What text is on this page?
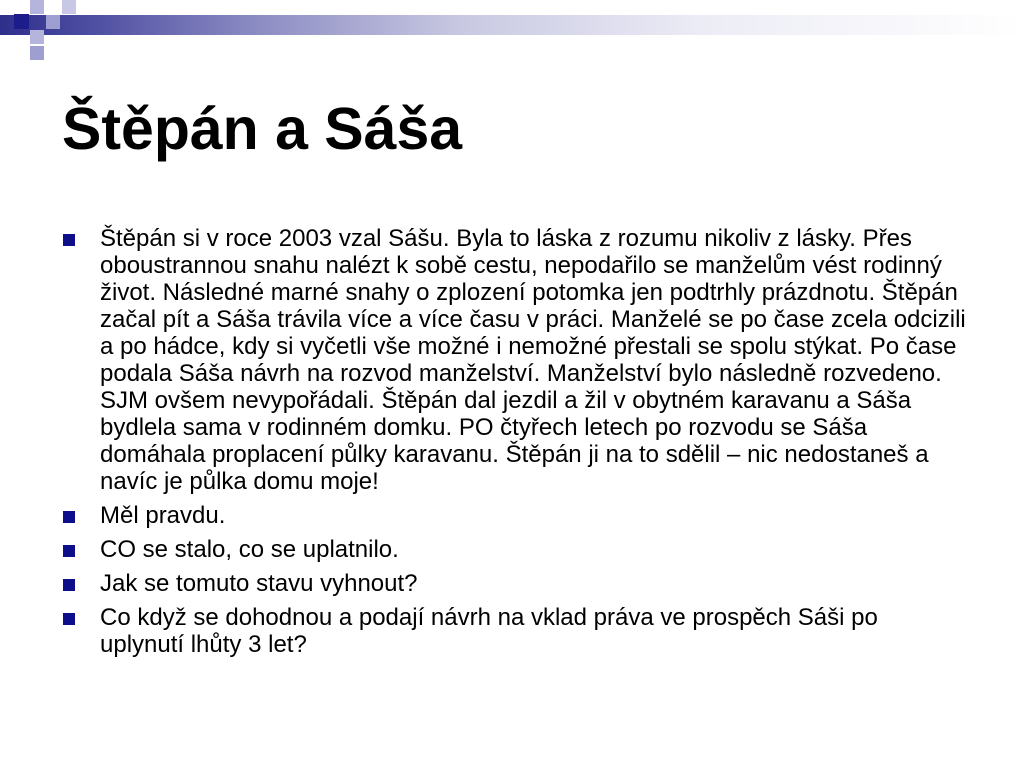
Štěpán a Sáša
Štěpán si v roce 2003 vzal Sášu. Byla to láska z rozumu nikoliv z lásky. Přes oboustrannou snahu nalézt k sobě cestu, nepodařilo se manželům vést rodinný život. Následné marné snahy o zplození potomka jen podtrhly prázdnotu. Štěpán začal pít a Sáša trávila více a více času v práci. Manželé se po čase zcela odcizili a po hádce, kdy si vyčetli vše možné i nemožné přestali se spolu stýkat. Po čase podala Sáša návrh na rozvod manželství. Manželství bylo následně rozvedeno. SJM ovšem nevypořádali. Štěpán dal jezdil a žil v obytném karavanu a Sáša bydlela sama v rodinném domku. PO čtyřech letech po rozvodu se Sáša domáhala proplacení půlky karavanu. Štěpán ji na to sdělil – nic nedostaneš a navíc je půlka domu moje!
Měl pravdu.
CO se stalo, co se uplatnilo.
Jak se tomuto stavu vyhnout?
Co když se dohodnou a podají návrh na vklad práva ve prospěch Sáši po uplynutí lhůty 3 let?
